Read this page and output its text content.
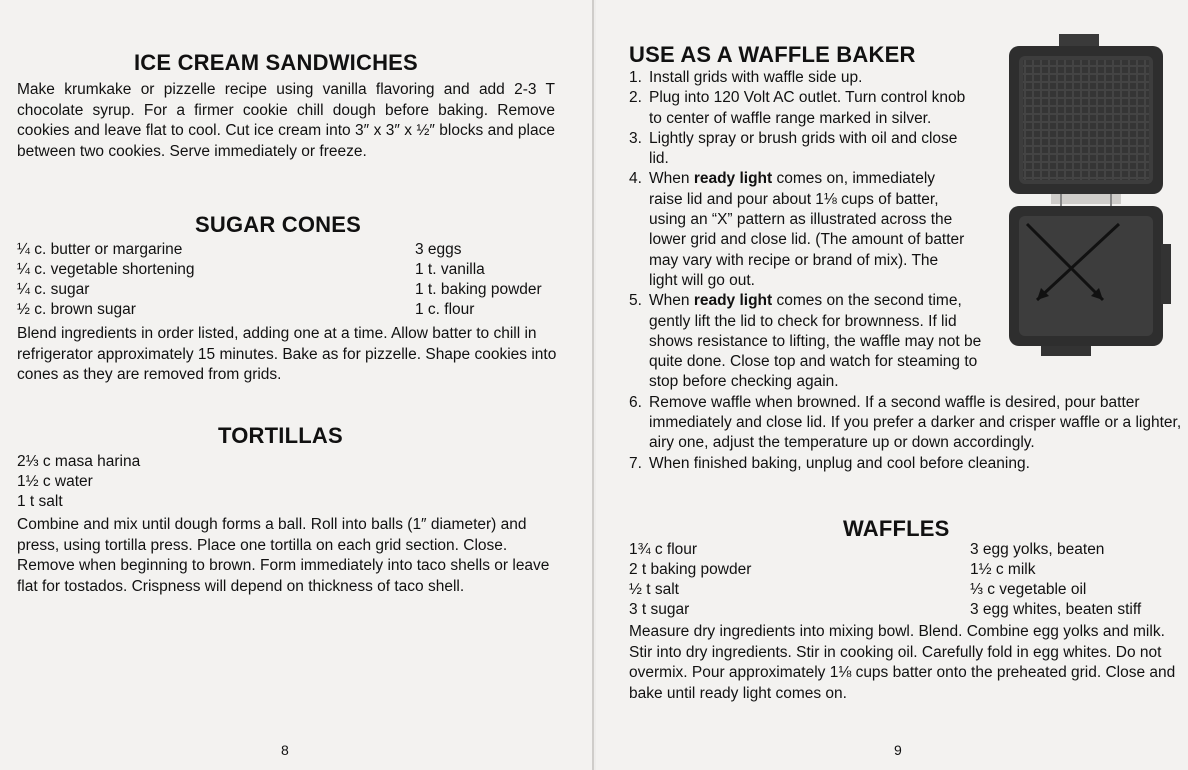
ICE CREAM SANDWICHES

Make krumkake or pizzelle recipe using vanilla flavoring and add 2-3 T chocolate syrup. For a firmer cookie chill dough before baking. Remove cookies and leave flat to cool. Cut ice cream into 3″ x 3″ x ½″ blocks and place between two cookies. Serve immediately or freeze.

SUGAR CONES
¼ c. butter or margarine
¼ c. vegetable shortening
¼ c. sugar
½ c. brown sugar
3 eggs
1 t. vanilla
1 t. baking powder
1 c. flour

Blend ingredients in order listed, adding one at a time. Allow batter to chill in refrigerator approximately 15 minutes. Bake as for pizzelle. Shape cookies into cones as they are removed from grids.

TORTILLAS
2⅓ c masa harina
1½ c water
1 t salt

Combine and mix until dough forms a ball. Roll into balls (1″ diameter) and press, using tortilla press. Place one tortilla on each grid section. Close. Remove when beginning to brown. Form immediately into taco shells or leave flat for tostados. Crispness will depend on thickness of taco shell.

8
USE AS A WAFFLE BAKER
1. Install grids with waffle side up.
2. Plug into 120 Volt AC outlet. Turn control knob to center of waffle range marked in silver.
3. Lightly spray or brush grids with oil and close lid.
4. When ready light comes on, immediately raise lid and pour about 1⅛ cups of batter, using an “X” pattern as illustrated across the lower grid and close lid. (The amount of batter may vary with recipe or brand of mix). The light will go out.
5. When ready light comes on the second time, gently lift the lid to check for brownness. If lid shows resistance to lifting, the waffle may not be quite done. Close top and watch for steaming to stop before checking again.
6. Remove waffle when browned. If a second waffle is desired, pour batter immediately and close lid. If you prefer a darker and crisper waffle or a lighter, airy one, adjust the temperature up or down accordingly.
7. When finished baking, unplug and cool before cleaning.
WAFFLES
1¾ c flour
2 t baking powder
½ t salt
3 t sugar
3 egg yolks, beaten
1½ c milk
⅓ c vegetable oil
3 egg whites, beaten stiff

Measure dry ingredients into mixing bowl. Blend. Combine egg yolks and milk. Stir into dry ingredients. Stir in cooking oil. Carefully fold in egg whites. Do not overmix. Pour approximately 1⅛ cups batter onto the preheated grid. Close and bake until ready light comes on.

9
